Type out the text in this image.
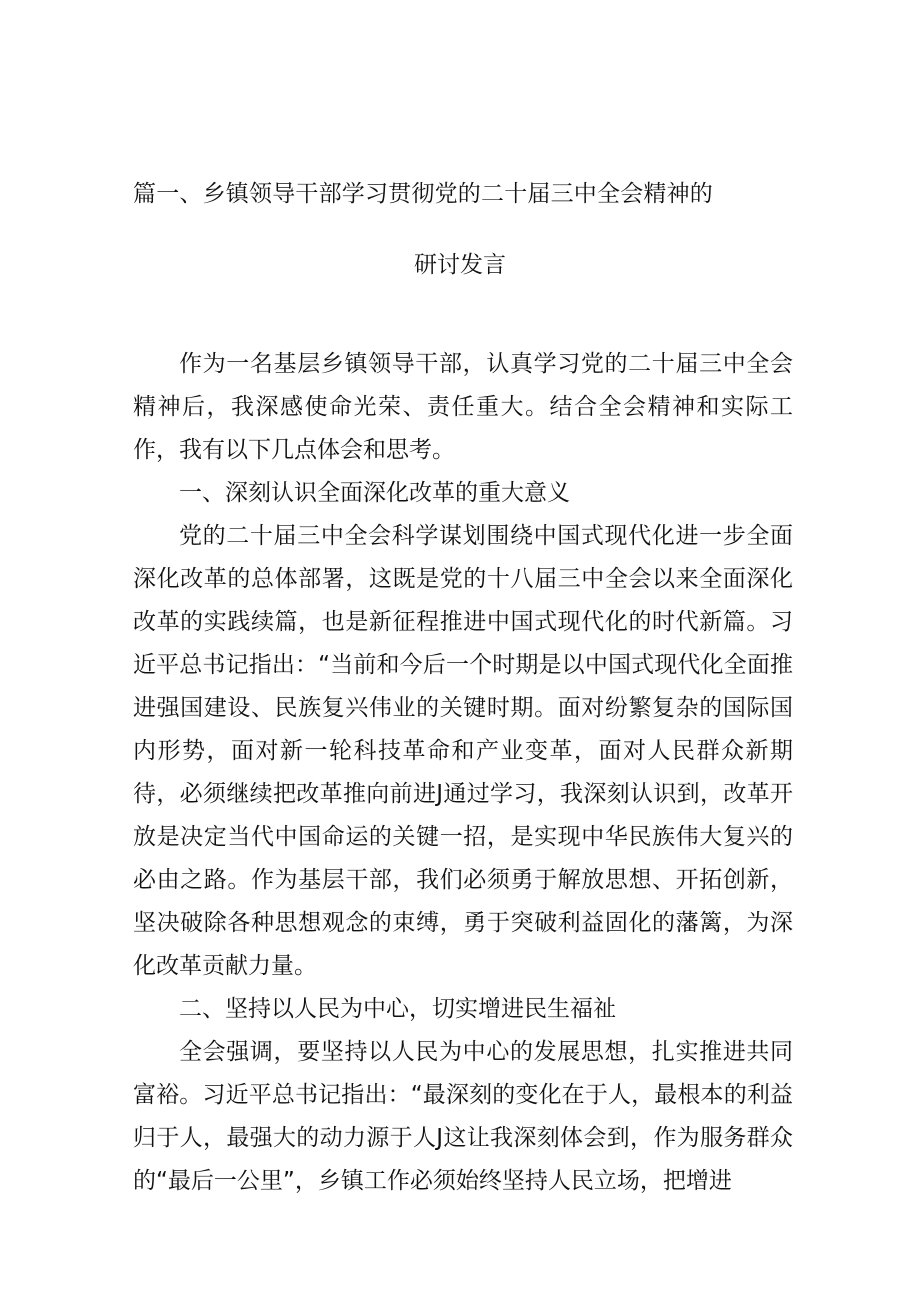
篇一、乡镇领导干部学习贯彻党的二十届三中全会精神的
研讨发言

作为一名基层乡镇领导干部，认真学习党的二十届三中全会精神后，我深感使命光荣、责任重大。结合全会精神和实际工作，我有以下几点体会和思考。

一、深刻认识全面深化改革的重大意义

党的二十届三中全会科学谋划围绕中国式现代化进一步全面深化改革的总体部署，这既是党的十八届三中全会以来全面深化改革的实践续篇，也是新征程推进中国式现代化的时代新篇。习近平总书记指出：“当前和今后一个时期是以中国式现代化全面推进强国建设、民族复兴伟业的关键时期。面对纷繁复杂的国际国内形势，面对新一轮科技革命和产业变革，面对人民群众新期待，必须继续把改革推向前进J通过学习，我深刻认识到，改革开放是决定当代中国命运的关键一招，是实现中华民族伟大复兴的必由之路。作为基层干部，我们必须勇于解放思想、开拓创新，坚决破除各种思想观念的束缚，勇于突破利益固化的藩篱，为深化改革贡献力量。

二、坚持以人民为中心，切实增进民生福祉

全会强调，要坚持以人民为中心的发展思想，扎实推进共同富裕。习近平总书记指出：“最深刻的变化在于人，最根本的利益归于人，最强大的动力源于人J这让我深刻体会到，作为服务群众的“最后一公里”，乡镇工作必须始终坚持人民立场，把增进
